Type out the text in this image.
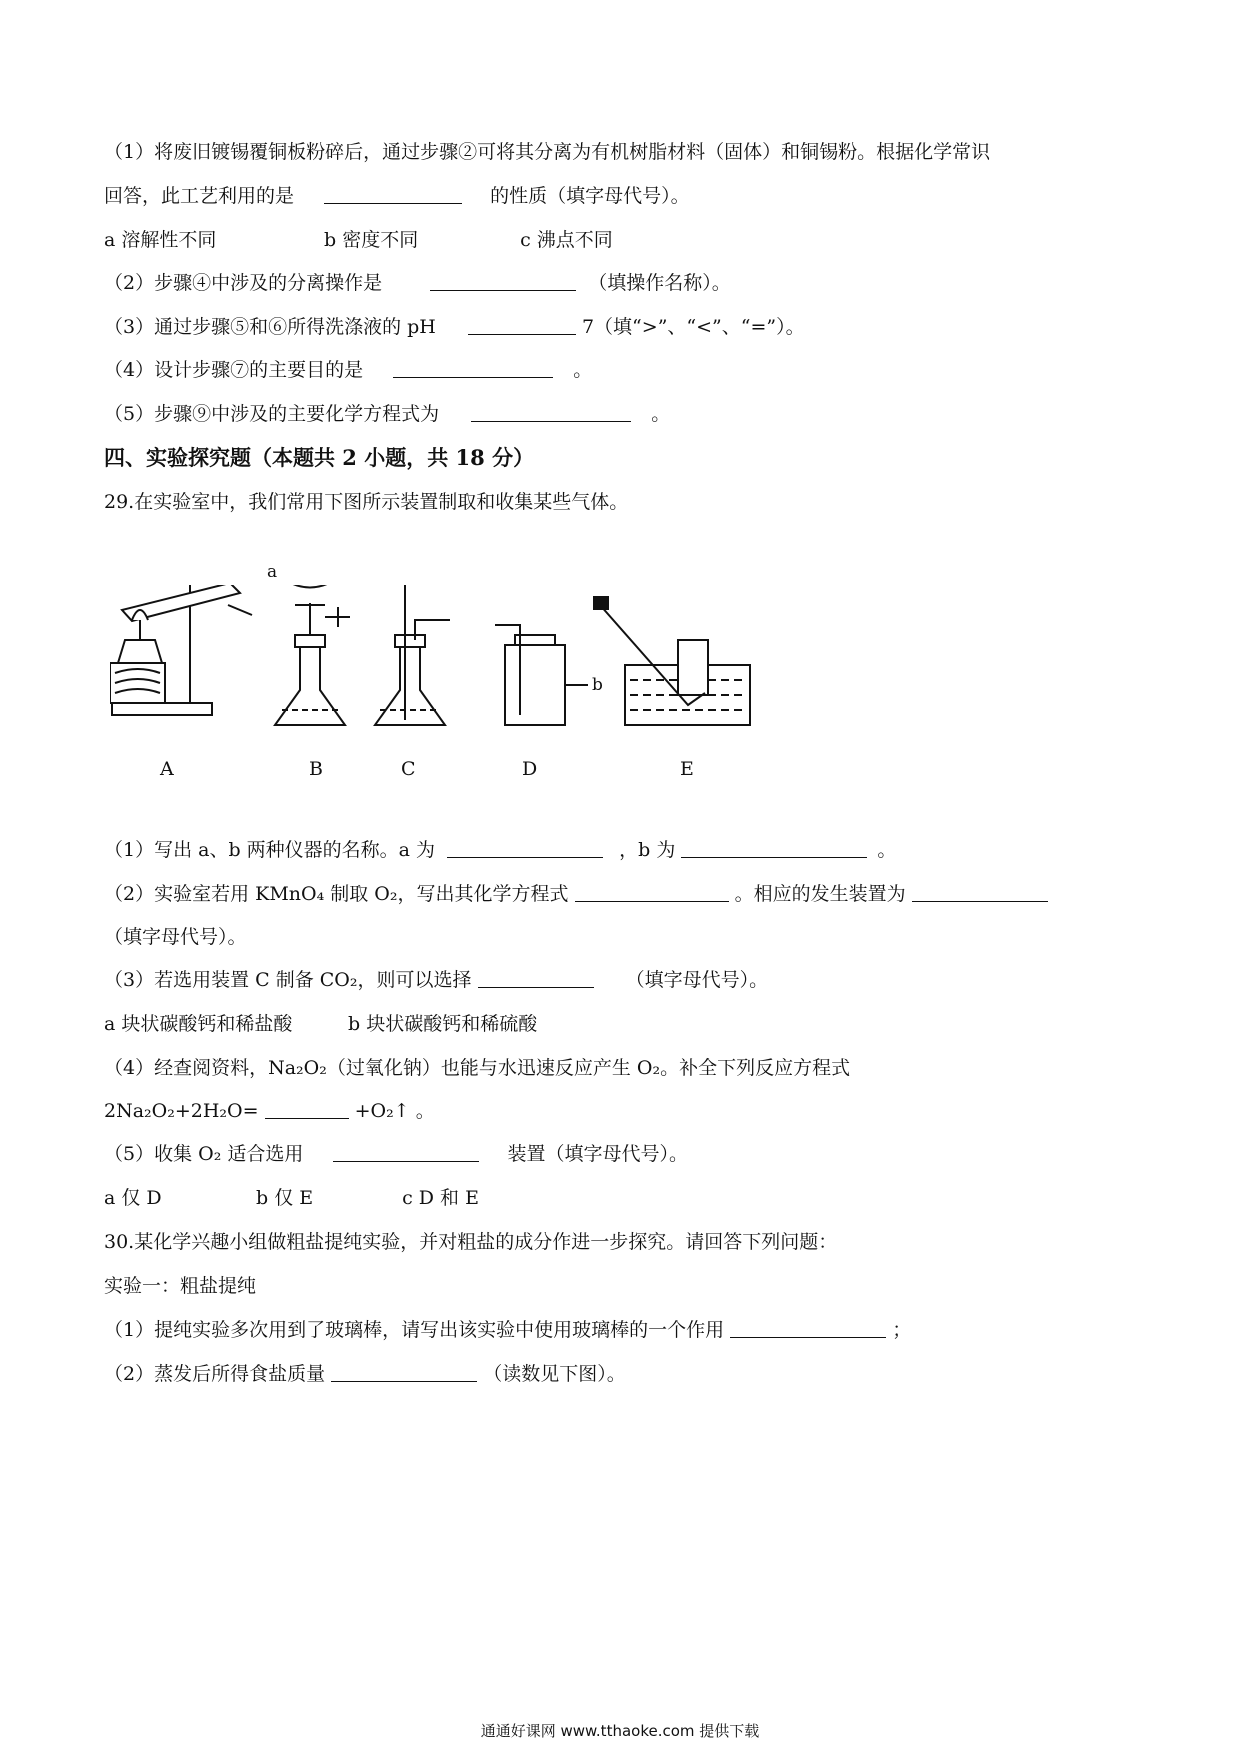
（1）将废旧镀锡覆铜板粉碎后，通过步骤②可将其分离为有机树脂材料（固体）和铜锡粉。根据化学常识
回答，此工艺利用的是	的性质（填字母代号）。
a 溶解性不同	b 密度不同	c 沸点不同
（2）步骤④中涉及的分离操作是	（填操作名称）。
（3）通过步骤⑤和⑥所得洗涤液的 pH	7（填“>”、“<”、“=”）。
（4）设计步骤⑦的主要目的是	。
（5）步骤⑨中涉及的主要化学方程式为	。
四、实验探究题（本题共 2 小题，共 18 分）
29.在实验室中，我们常用下图所示装置制取和收集某些气体。
a
b
A	B	C	D	E
（1）写出 a、b 两种仪器的名称。a 为	，b 为	。
（2）实验室若用 KMnO₄ 制取 O₂，写出其化学方程式	。相应的发生装置为
（填字母代号）。
（3）若选用装置 C 制备 CO₂，则可以选择	（填字母代号）。
a 块状碳酸钙和稀盐酸	b 块状碳酸钙和稀硫酸
（4）经查阅资料，Na₂O₂（过氧化钠）也能与水迅速反应产生 O₂。补全下列反应方程式
2Na₂O₂+2H₂O=	+O₂↑ 。
（5）收集 O₂ 适合选用	装置（填字母代号）。
a 仅 D	b 仅 E	c D 和 E
30.某化学兴趣小组做粗盐提纯实验，并对粗盐的成分作进一步探究。请回答下列问题：
实验一：粗盐提纯
（1）提纯实验多次用到了玻璃棒，请写出该实验中使用玻璃棒的一个作用	；
（2）蒸发后所得食盐质量	（读数见下图）。
通通好课网 www.tthaoke.com 提供下载
